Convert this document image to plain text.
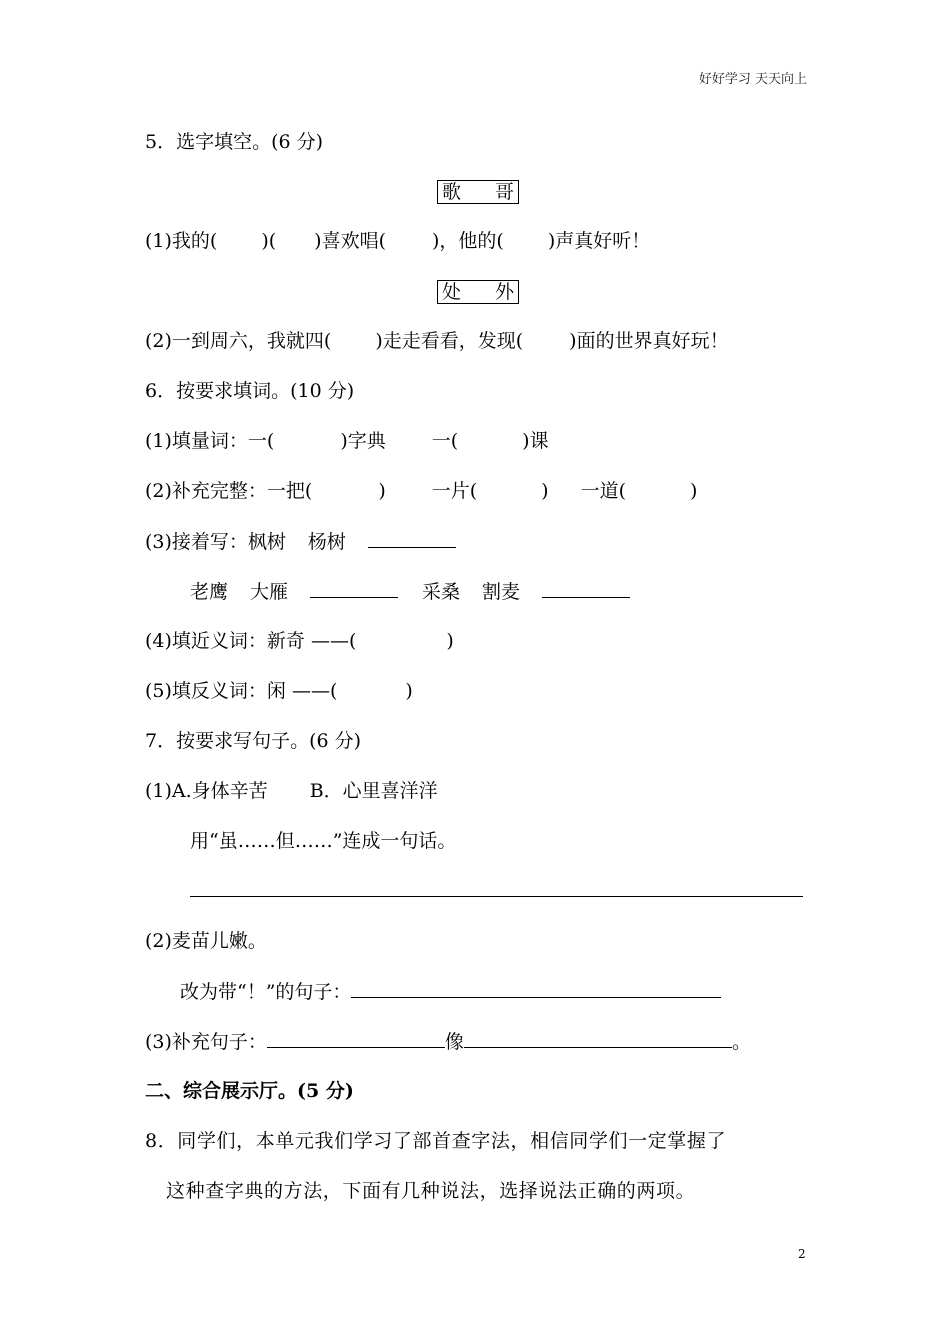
好好学习 天天向上
5．选字填空。(6 分)
歌 哥
(1)我的( )( )喜欢唱( )，他的( )声真好听！
处 外
(2)一到周六，我就四( )走走看看，发现( )面的世界真好玩！
6．按要求填词。(10 分)
(1)填量词：一(	)字典 一(	)课
(2)补充完整：一把(	) 一片(	) 一道(	)
(3)接着写：枫树 杨树
老鹰 大雁	采桑 割麦
(4)填近义词：新奇 ——(	)
(5)填反义词：闲 ——(	)
7．按要求写句子。(6 分)
(1)A.身体辛苦 B．心里喜洋洋
用“虽……但……”连成一句话。
(2)麦苗儿嫩。
改为带“！”的句子：
(3)补充句子：	像	。
二、综合展示厅。(5 分)
8．同学们，本单元我们学习了部首查字法，相信同学们一定掌握了
这种查字典的方法，下面有几种说法，选择说法正确的两项。
2
